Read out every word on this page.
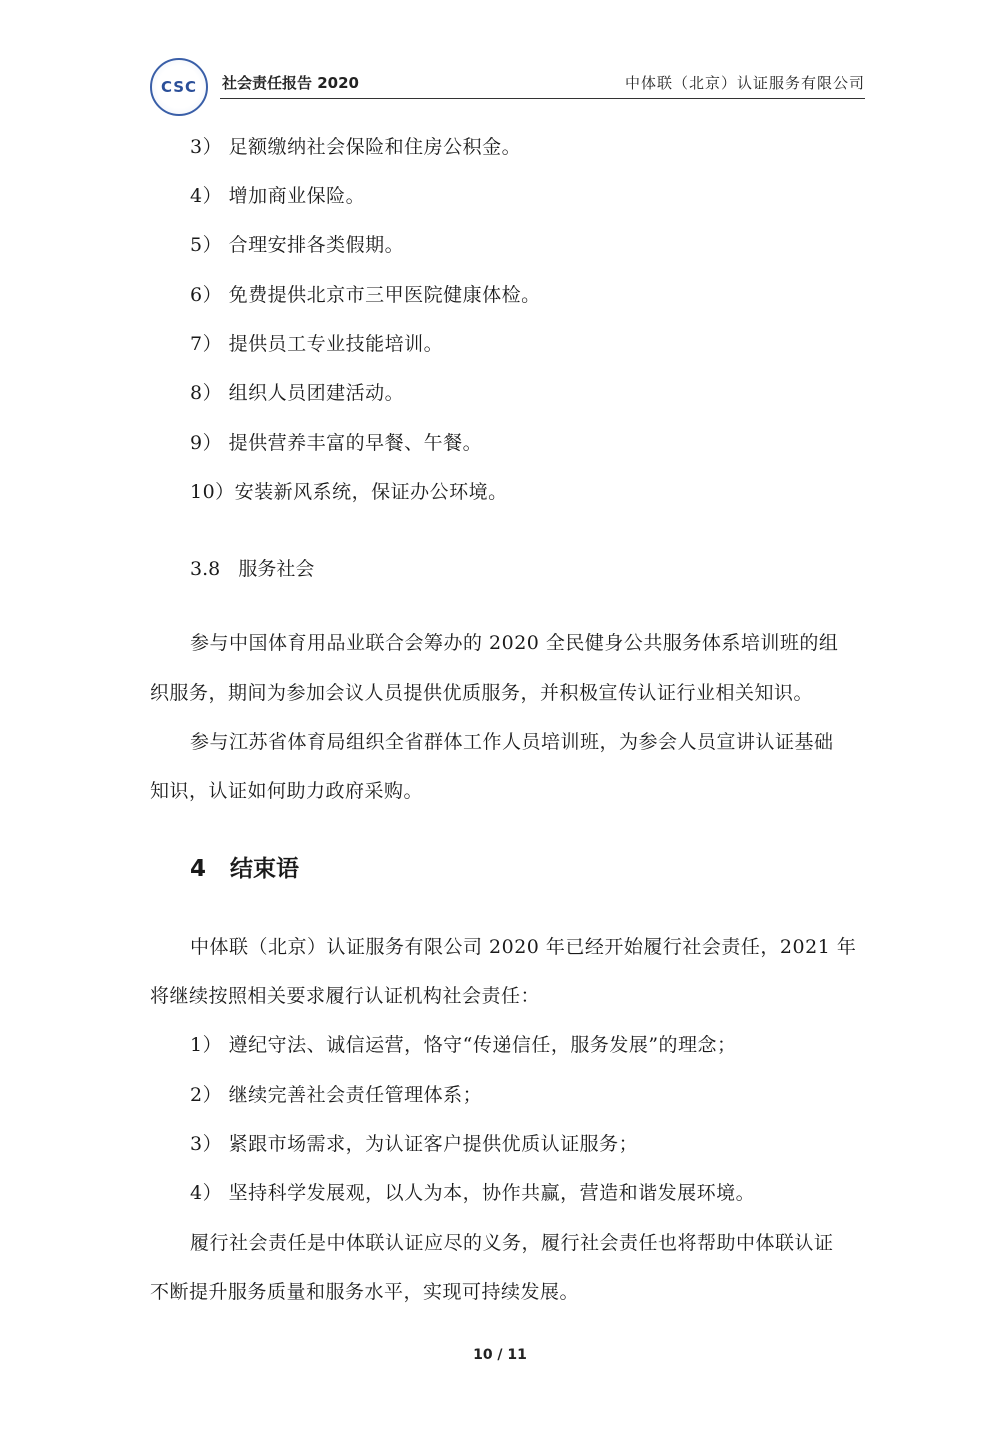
CSC 社会责任报告 2020	中体联（北京）认证服务有限公司
3） 足额缴纳社会保险和住房公积金。
4） 增加商业保险。
5） 合理安排各类假期。
6） 免费提供北京市三甲医院健康体检。
7） 提供员工专业技能培训。
8） 组织人员团建活动。
9） 提供营养丰富的早餐、午餐。
10）安装新风系统，保证办公环境。
3.8 服务社会
参与中国体育用品业联合会筹办的 2020 全民健身公共服务体系培训班的组
织服务，期间为参加会议人员提供优质服务，并积极宣传认证行业相关知识。
参与江苏省体育局组织全省群体工作人员培训班，为参会人员宣讲认证基础
知识，认证如何助力政府采购。
4 结束语
中体联（北京）认证服务有限公司 2020 年已经开始履行社会责任，2021 年
将继续按照相关要求履行认证机构社会责任：
1） 遵纪守法、诚信运营，恪守“传递信任，服务发展”的理念；
2） 继续完善社会责任管理体系；
3） 紧跟市场需求，为认证客户提供优质认证服务；
4） 坚持科学发展观，以人为本，协作共赢，营造和谐发展环境。
履行社会责任是中体联认证应尽的义务，履行社会责任也将帮助中体联认证
不断提升服务质量和服务水平，实现可持续发展。
10 / 11
